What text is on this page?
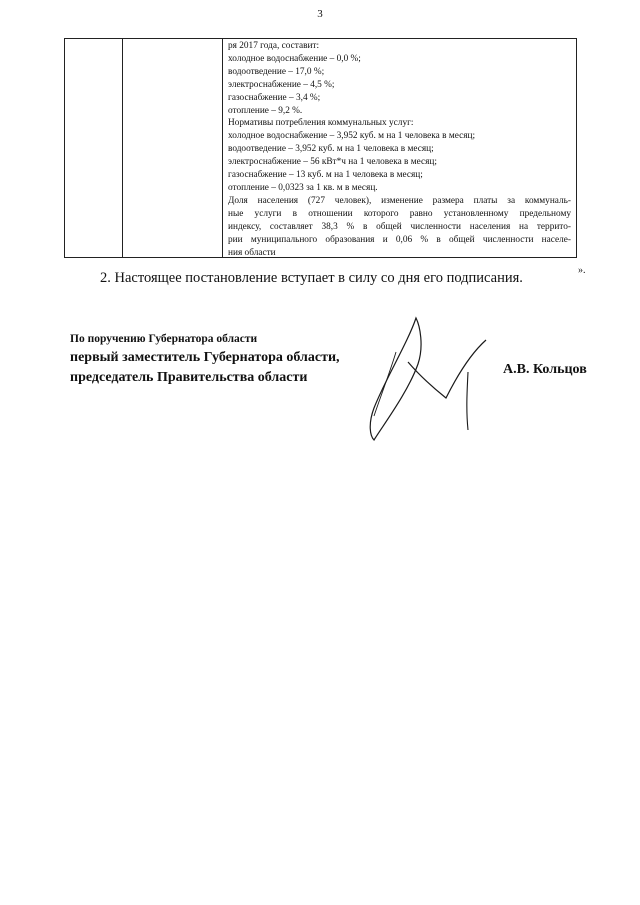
3
ря 2017 года, составит:
холодное водоснабжение – 0,0 %;
водоотведение – 17,0 %;
электроснабжение – 4,5 %;
газоснабжение – 3,4 %;
отопление – 9,2 %.
Нормативы потребления коммунальных услуг:
холодное водоснабжение – 3,952 куб. м на 1 человека в месяц;
водоотведение – 3,952 куб. м на 1 человека в месяц;
электроснабжение – 56 кВт*ч на 1 человека в месяц;
газоснабжение – 13 куб. м на 1 человека в месяц;
отопление – 0,0323 за 1 кв. м в месяц.
Доля населения (727 человек), изменение размера платы за коммуналь-
ные услуги в отношении которого равно установленному предельному
индексу, составляет 38,3 % в общей численности населения на террито-
рии муниципального образования и 0,06 % в общей численности населе-
ния области
».
2. Настоящее постановление вступает в силу со дня его подписания.
По поручению Губернатора области
первый заместитель Губернатора области,
председатель Правительства области
А.В. Кольцов
